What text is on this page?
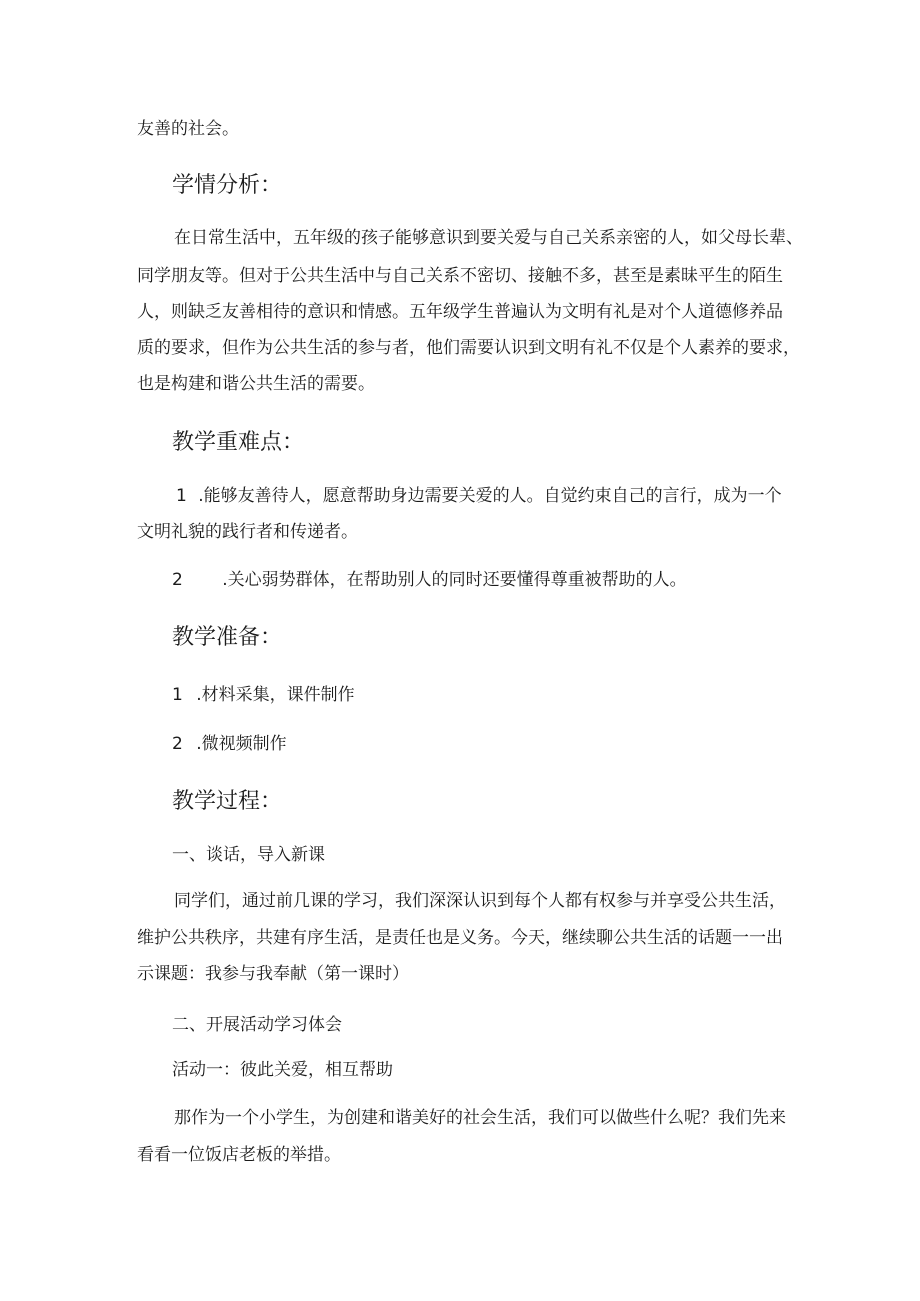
友善的社会。
学情分析：
在日常生活中，五年级的孩子能够意识到要关爱与自己关系亲密的人，如父母长辈、
同学朋友等。但对于公共生活中与自己关系不密切、接触不多，甚至是素昧平生的陌生
人，则缺乏友善相待的意识和情感。五年级学生普遍认为文明有礼是对个人道德修养品
质的要求，但作为公共生活的参与者，他们需要认识到文明有礼不仅是个人素养的要求，
也是构建和谐公共生活的需要。
教学重难点：
1 .能够友善待人，愿意帮助身边需要关爱的人。自觉约束自己的言行，成为一个
文明礼貌的践行者和传递者。
2 .关心弱势群体，在帮助别人的同时还要懂得尊重被帮助的人。
教学准备：
1 .材料采集，课件制作
2 .微视频制作
教学过程：
一、谈话，导入新课
同学们，通过前几课的学习，我们深深认识到每个人都有权参与并享受公共生活，
维护公共秩序，共建有序生活，是责任也是义务。今天，继续聊公共生活的话题一一出
示课题：我参与我奉献（第一课时）
二、开展活动学习体会
活动一：彼此关爱，相互帮助
那作为一个小学生，为创建和谐美好的社会生活，我们可以做些什么呢？我们先来
看看一位饭店老板的举措。
